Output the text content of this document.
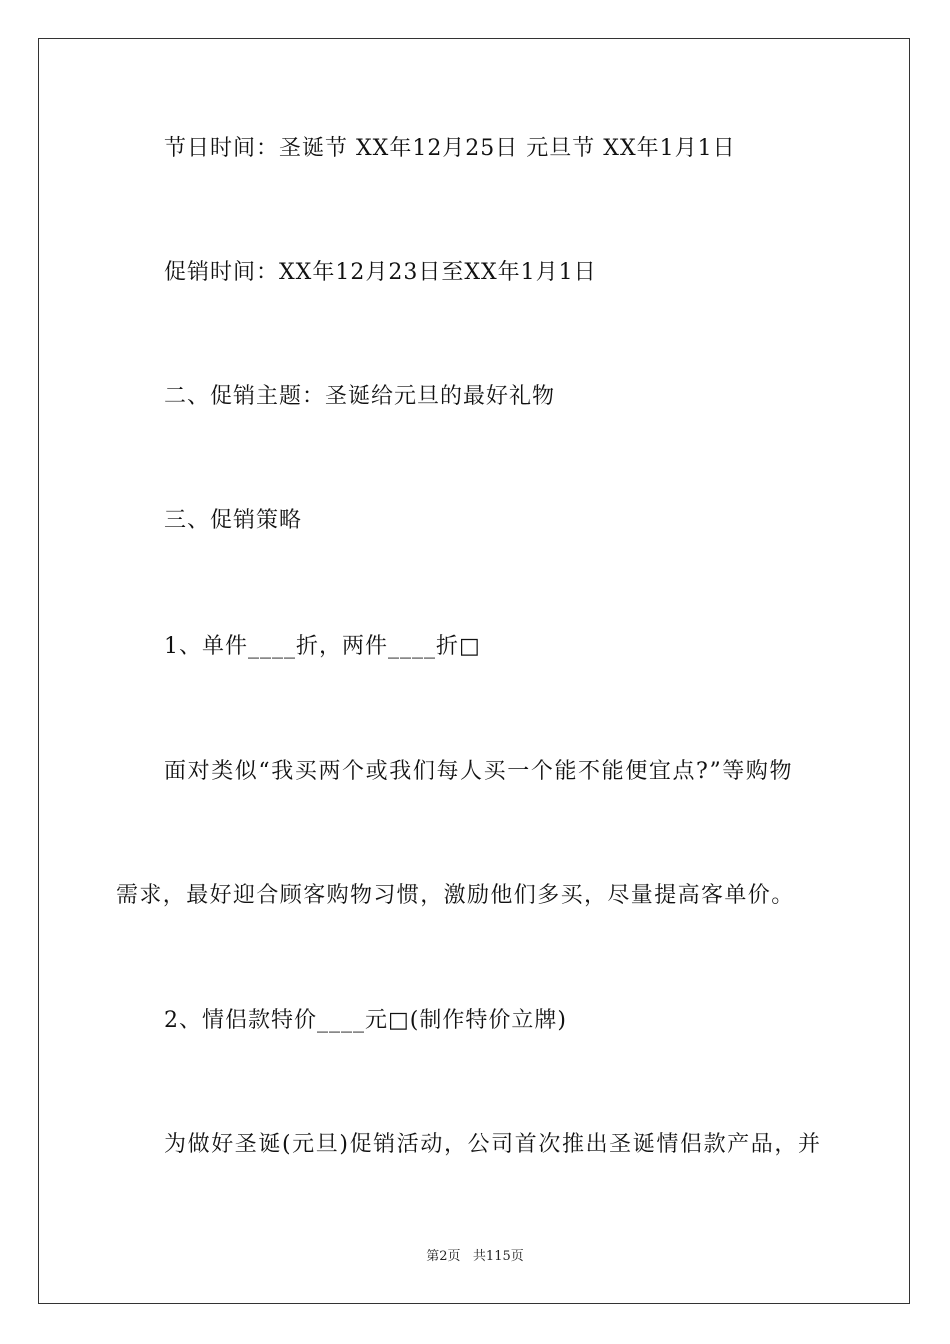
节日时间：圣诞节 XX年12月25日 元旦节 XX年1月1日
促销时间：XX年12月23日至XX年1月1日
二、促销主题：圣诞给元旦的最好礼物
三、促销策略
1、单件____折，两件____折□
面对类似“我买两个或我们每人买一个能不能便宜点?”等购物
需求，最好迎合顾客购物习惯，激励他们多买，尽量提高客单价。
2、情侣款特价____元□(制作特价立牌)
为做好圣诞(元旦)促销活动，公司首次推出圣诞情侣款产品，并
第2页   共115页
